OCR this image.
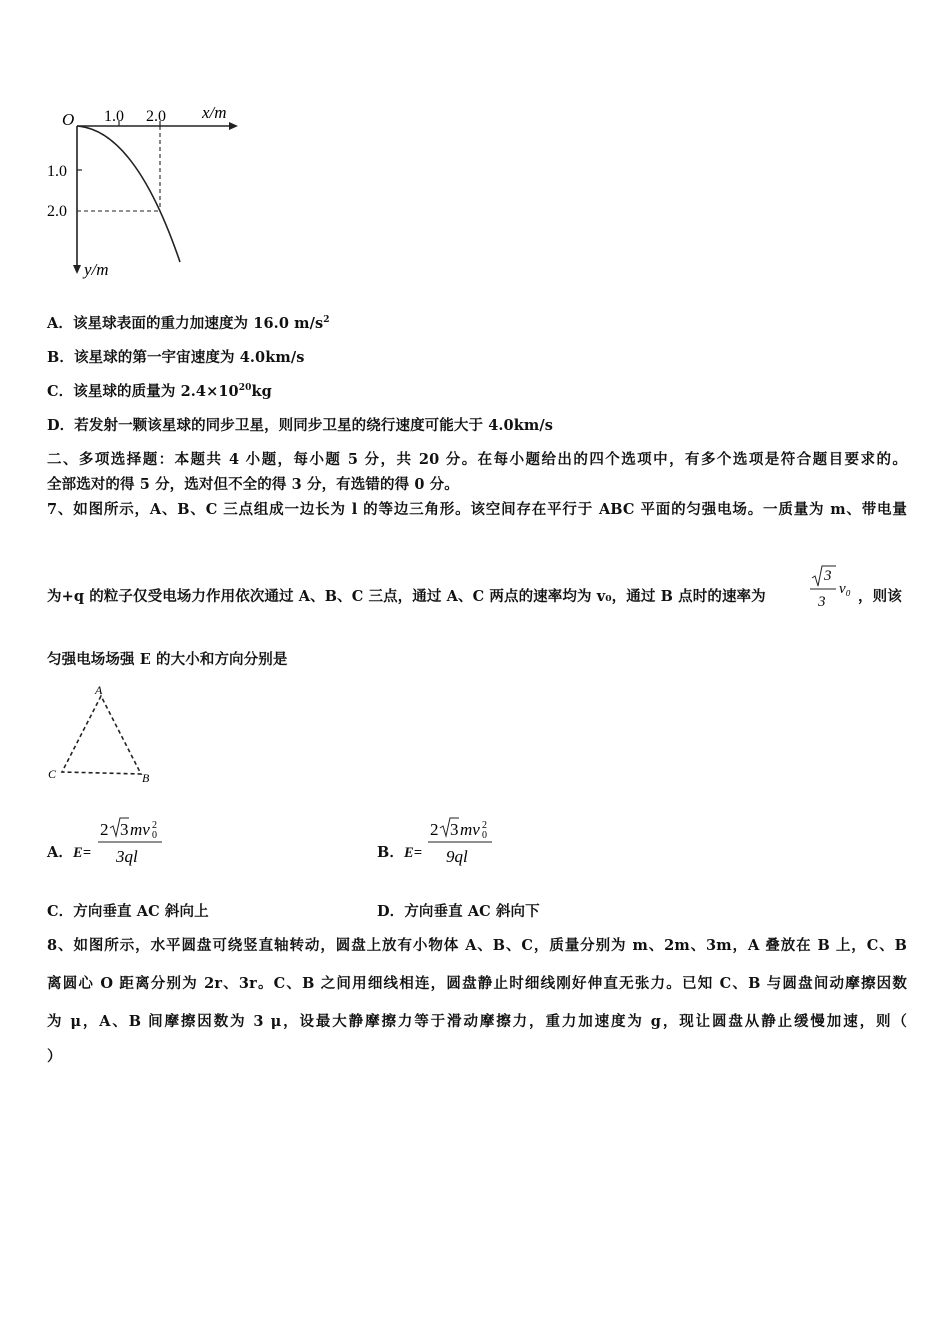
O 1.0 2.0 x/m
1.0
2.0
y/m
A．该星球表面的重力加速度为 16.0 $m/s^2$
B．该星球的第一宇宙速度为 4.0km/s
C．该星球的质量为 $2.4\times 10^{20}kg$
D．若发射一颗该星球的同步卫星，则同步卫星的绕行速度可能大于 4.0km/s
二、多项选择题：本题共 4 小题，每小题 5 分，共 20 分。在每小题给出的四个选项中，有多个选项是符合题目要求的。
全部选对的得 5 分，选对但不全的得 3 分，有选错的得 0 分。
7、如图所示，A、B、C 三点组成一边长为 l 的等边三角形。该空间存在平行于 ABC 平面的匀强电场。一质量为 m、带电量
为+q 的粒子仅受电场力作用依次通过 A、B、C 三点，通过 A、C 两点的速率均为 v₀，通过 B 点时的速率为
3
3
v₀ ，则该
匀强电场场强 E 的大小和方向分别是
A
C	B
A．E=
2 3 mv 2
0
3ql	B．E=
2 3 mv 2
0
9ql
C．方向垂直 AC 斜向上	D．方向垂直 AC 斜向下
8、如图所示，水平圆盘可绕竖直轴转动，圆盘上放有小物体 A、B、C，质量分别为 m、2m、3m，A 叠放在 B 上，C、B
离圆心 O 距离分别为 2r、3r。C、B 之间用细线相连，圆盘静止时细线刚好伸直无张力。已知 C、B 与圆盘间动摩擦因数
为 μ，A、B 间摩擦因数为 3 μ，设最大静摩擦力等于滑动摩擦力，重力加速度为 g，现让圆盘从静止缓慢加速，则（
）
